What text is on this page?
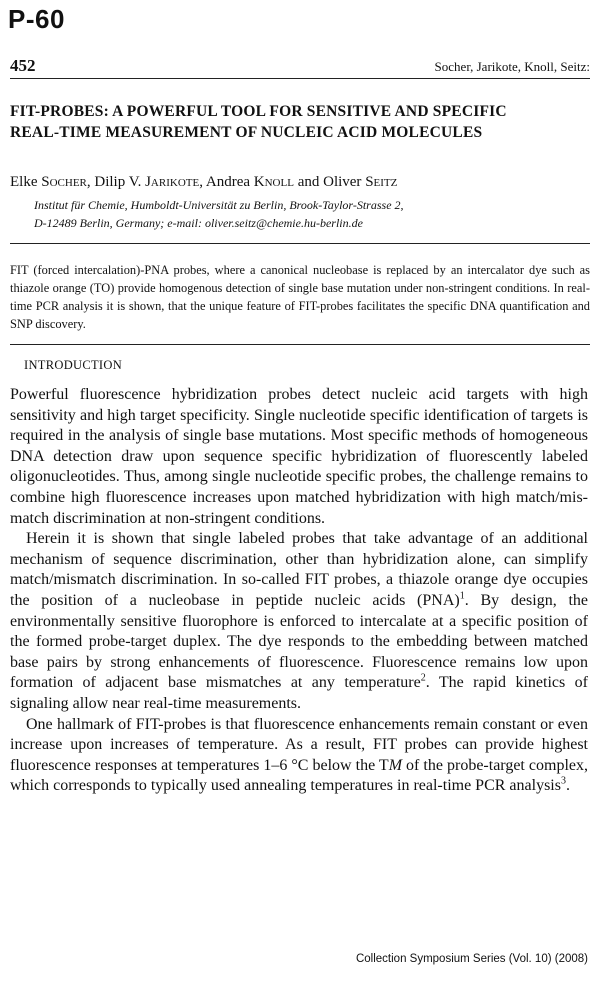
P-60
452	Socher, Jarikote, Knoll, Seitz:
FIT-PROBES: A POWERFUL TOOL FOR SENSITIVE AND SPECIFIC
REAL-TIME MEASUREMENT OF NUCLEIC ACID MOLECULES
Elke Socher, Dilip V. Jarikote, Andrea Knoll and Oliver Seitz
Institut für Chemie, Humboldt-Universität zu Berlin, Brook-Taylor-Strasse 2,
D-12489 Berlin, Germany; e-mail: oliver.seitz@chemie.hu-berlin.de

FIT (forced intercalation)-PNA probes, where a canonical nucleobase is replaced by an intercalator dye such as thiazole orange (TO) provide homogenous detection of single base mutation under non-stringent conditions. In real-time PCR analysis it is shown, that the unique feature of FIT-probes facilitates the specific DNA quantification and SNP discovery.

INTRODUCTION

Powerful fluorescence hybridization probes detect nucleic acid targets with high sensitivity and high target specificity. Single nucleotide specific identification of targets is required in the analysis of single base mutations. Most specific methods of homogeneous DNA detection draw upon sequence specific hybridization of fluorescently labeled oligonucleotides. Thus, among single nucleotide specific probes, the challenge remains to combine high fluorescence increases upon matched hybridization with high match/mismatch discrimination at non-stringent conditions.

Herein it is shown that single labeled probes that take advantage of an additional mechanism of sequence discrimination, other than hybridization alone, can simplify match/mismatch discrimination. In so-called FIT probes, a thiazole orange dye occupies the position of a nucleobase in peptide nucleic acids (PNA)$^1$. By design, the environmentally sensitive fluorophore is enforced to intercalate at a specific position of the formed probe-target duplex. The dye responds to the embedding between matched base pairs by strong enhancements of fluorescence. Fluorescence remains low upon formation of adjacent base mismatches at any temperature$^2$. The rapid kinetics of signaling allow near real-time measurements.

One hallmark of FIT-probes is that fluorescence enhancements remain constant or even increase upon increases of temperature. As a result, FIT probes can provide highest fluorescence responses at temperatures 1–6 °C below the TM of the probe-target complex, which corresponds to typically used annealing temperatures in real-time PCR analysis$^3$.

Collection Symposium Series (Vol. 10) (2008)
